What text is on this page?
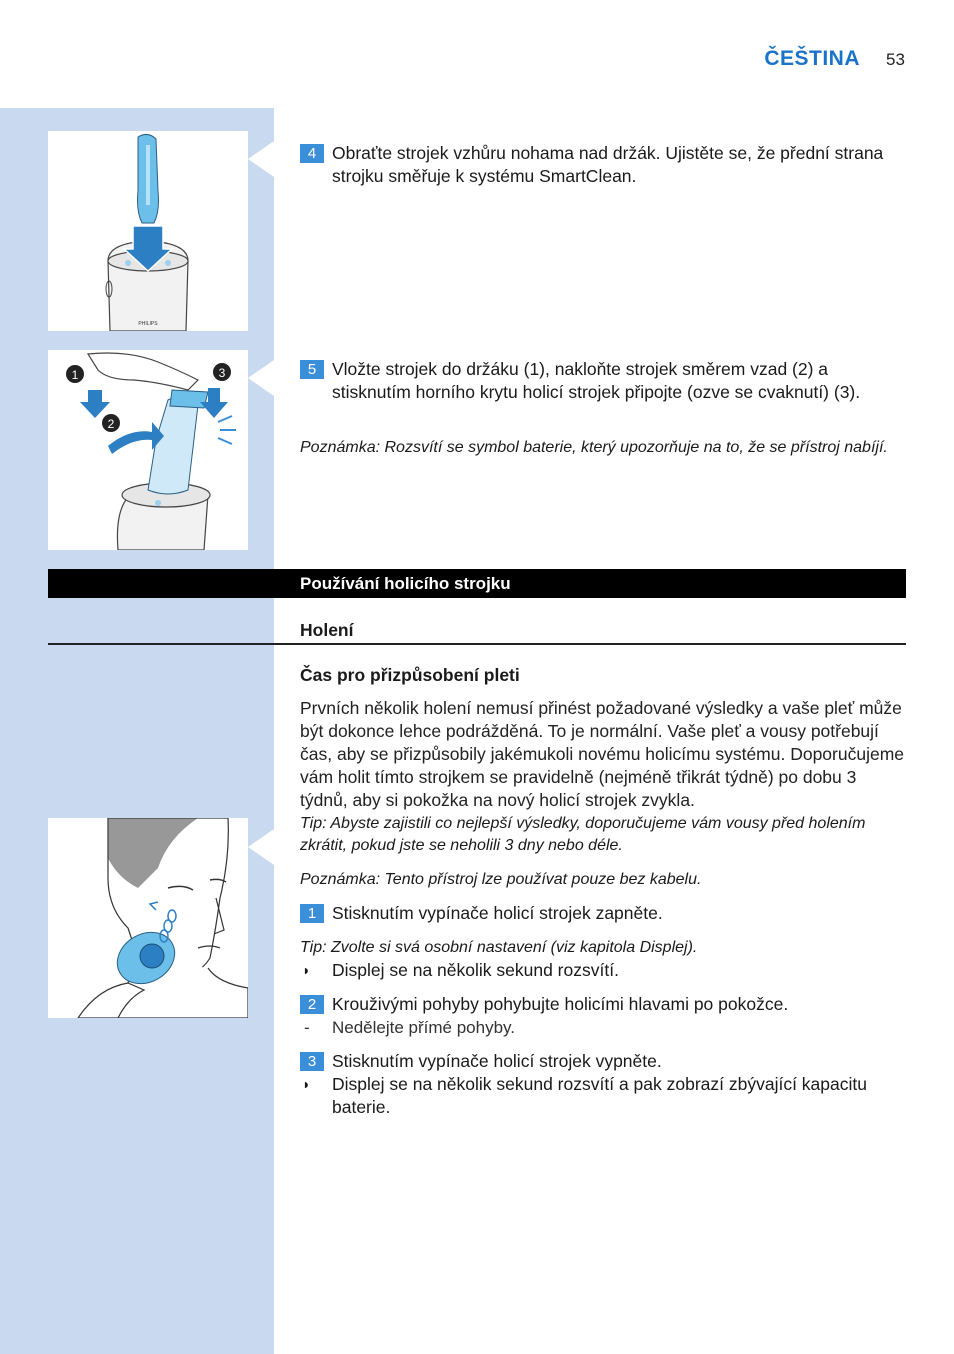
ČEŠTINA 53
PHILIPS
4 Obraťte strojek vzhůru nohama nad držák. Ujistěte se, že přední strana strojku směřuje k systému SmartClean.
1
2
3	5 Vložte strojek do držáku (1), nakloňte strojek směrem vzad (2) a stisknutím horního krytu holicí strojek připojte (ozve se cvaknutí) (3).
Poznámka: Rozsvítí se symbol baterie, který upozorňuje na to, že se přístroj nabíjí.
Používání holicího strojku
Holení
Čas pro přizpůsobení pleti
Prvních několik holení nemusí přinést požadované výsledky a vaše pleť může být dokonce lehce podrážděná. To je normální. Vaše pleť a vousy potřebují čas, aby se přizpůsobily jakémukoli novému holicímu systému. Doporučujeme vám holit tímto strojkem se pravidelně (nejméně třikrát týdně) po dobu 3 týdnů, aby si pokožka na nový holicí strojek zvykla.
Tip: Abyste zajistili co nejlepší výsledky, doporučujeme vám vousy před holením zkrátit, pokud jste se neholili 3 dny nebo déle.
Poznámka: Tento přístroj lze používat pouze bez kabelu.
1 Stisknutím vypínače holicí strojek zapněte.
Tip: Zvolte si svá osobní nastavení (viz kapitola Displej).
◗ Displej se na několik sekund rozsvítí.
2 Krouživými pohyby pohybujte holicími hlavami po pokožce.
- Nedělejte přímé pohyby.
3 Stisknutím vypínače holicí strojek vypněte.
◗ Displej se na několik sekund rozsvítí a pak zobrazí zbývající kapacitu baterie.
